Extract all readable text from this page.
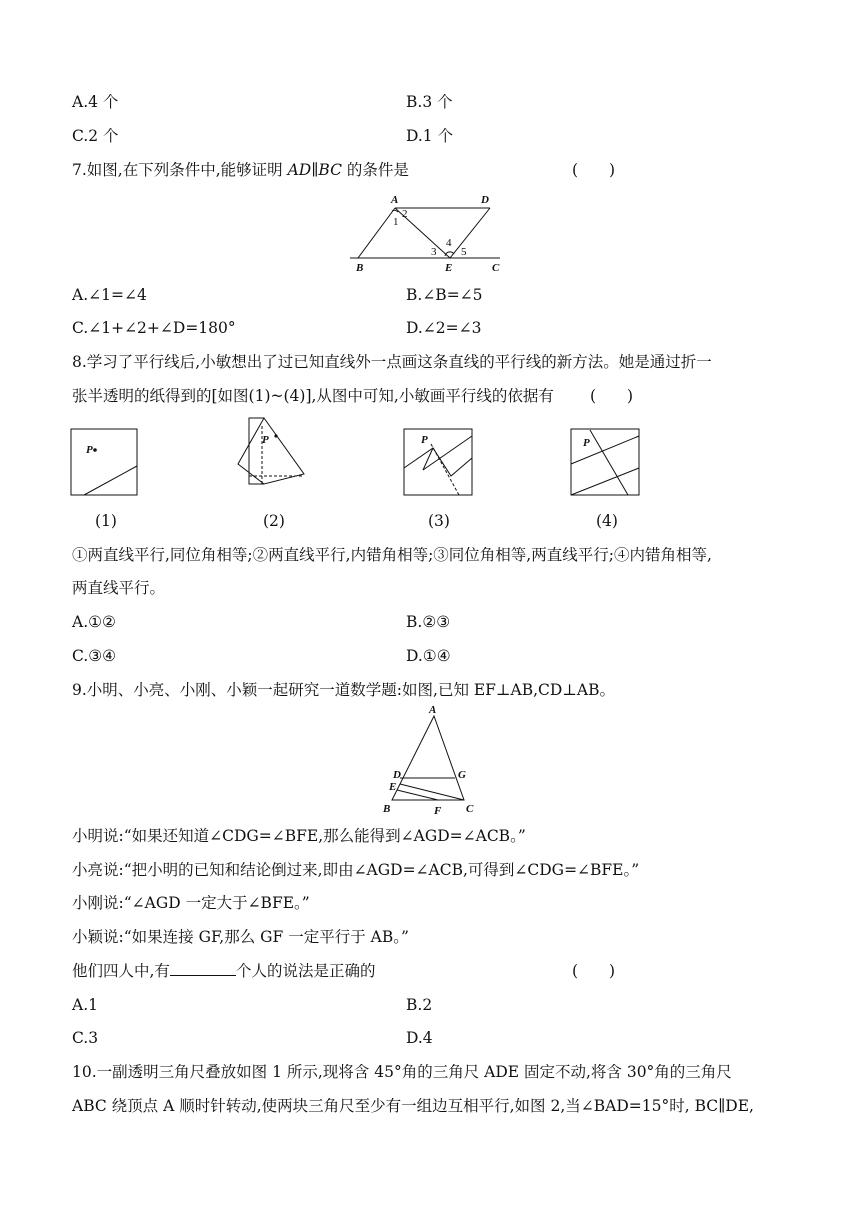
A.4 个	B.3 个
C.2 个	D.1 个
7.如图,在下列条件中,能够证明 AD∥BC 的条件是	(　　)
A	D
B	E	C
1
2
3
4
5
A.∠1=∠4	B.∠B=∠5
C.∠1+∠2+∠D=180°	D.∠2=∠3
8.学习了平行线后,小敏想出了过已知直线外一点画这条直线的平行线的新方法。她是通过折一
张半透明的纸得到的[如图(1)~(4)],从图中可知,小敏画平行线的依据有 (　　)
P
P	P	P
(1)	(2)	(3)	(4)
①两直线平行,同位角相等;②两直线平行,内错角相等;③同位角相等,两直线平行;④内错角相等,
两直线平行。
A.①②	B.②③
C.③④	D.①④
9.小明、小亮、小刚、小颖一起研究一道数学题:如图,已知 EF⊥AB,CD⊥AB。
A
D	G
E
B	F C
小明说:“如果还知道∠CDG=∠BFE,那么能得到∠AGD=∠ACB。”
小亮说:“把小明的已知和结论倒过来,即由∠AGD=∠ACB,可得到∠CDG=∠BFE。”
小刚说:“∠AGD 一定大于∠BFE。”
小颖说:“如果连接 GF,那么 GF 一定平行于 AB。”
他们四人中,有	个人的说法是正确的	(　　)
A.1	B.2
C.3	D.4
10.一副透明三角尺叠放如图 1 所示,现将含 45°角的三角尺 ADE 固定不动,将含 30°角的三角尺
ABC 绕顶点 A 顺时针转动,使两块三角尺至少有一组边互相平行,如图 2,当∠BAD=15°时, BC∥DE,
